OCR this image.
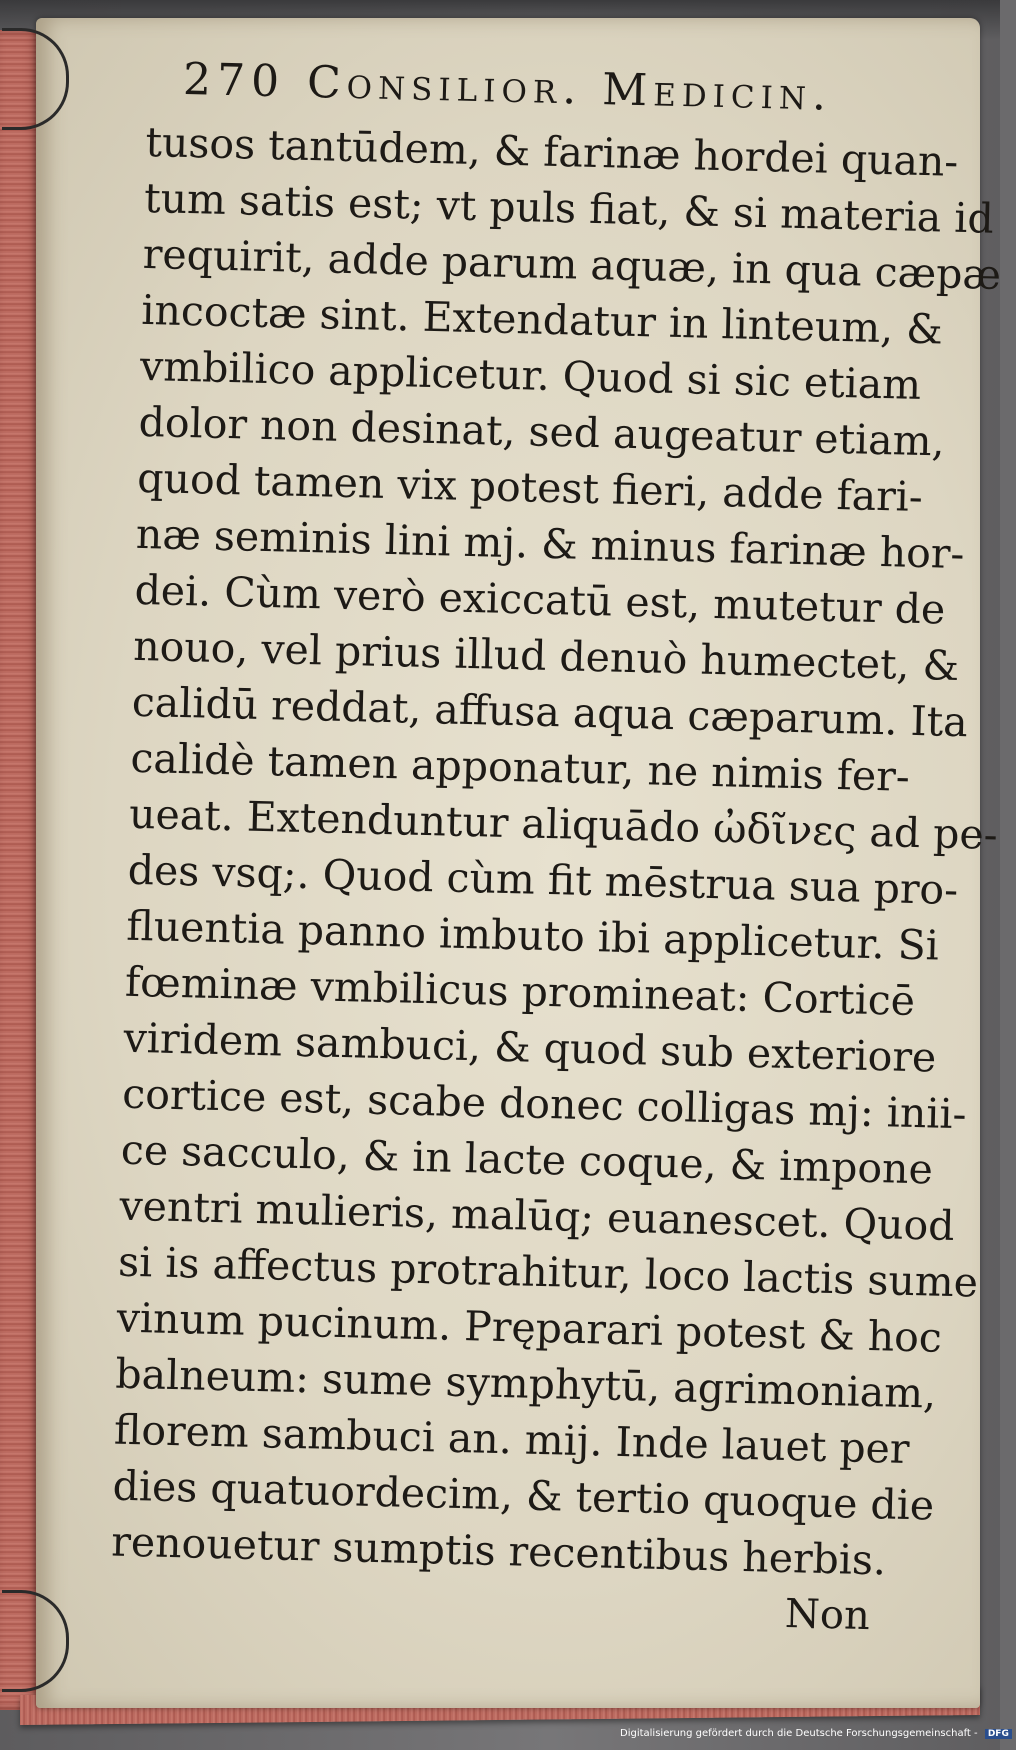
270 Consilior. Medicin.
tusos tantūdem, & farinæ hordei quan-
tum satis est; vt puls fiat, & si materia id
requirit, adde parum aquæ, in qua cæpæ
incoctæ sint. Extendatur in linteum, &
vmbilico applicetur. Quod si sic etiam
dolor non desinat, sed augeatur etiam,
quod tamen vix potest fieri, adde fari-
næ seminis lini mj. & minus farinæ hor-
dei. Cùm verò exiccatū est, mutetur de
nouo, vel prius illud denuò humectet, &
calidū reddat, affusa aqua cæparum. Ita
calidè tamen apponatur, ne nimis fer-
ueat. Extenduntur aliquādo ὠδῖνες ad pe-
des vsq;. Quod cùm fit mēstrua sua pro-
fluentia panno imbuto ibi applicetur. Si
fœminæ vmbilicus promineat: Corticē
viridem sambuci, & quod sub exteriore
cortice est, scabe donec colligas mj: inii-
ce sacculo, & in lacte coque, & impone
ventri mulieris, malūq; euanescet. Quod
si is affectus protrahitur, loco lactis sume
vinum pucinum. Pręparari potest & hoc
balneum: sume symphytū, agrimoniam,
florem sambuci an. mij. Inde lauet per
dies quatuordecim, & tertio quoque die
renouetur sumptis recentibus herbis.
Non
Digitalisierung gefördert durch die Deutsche Forschungsgemeinschaft - DFG
